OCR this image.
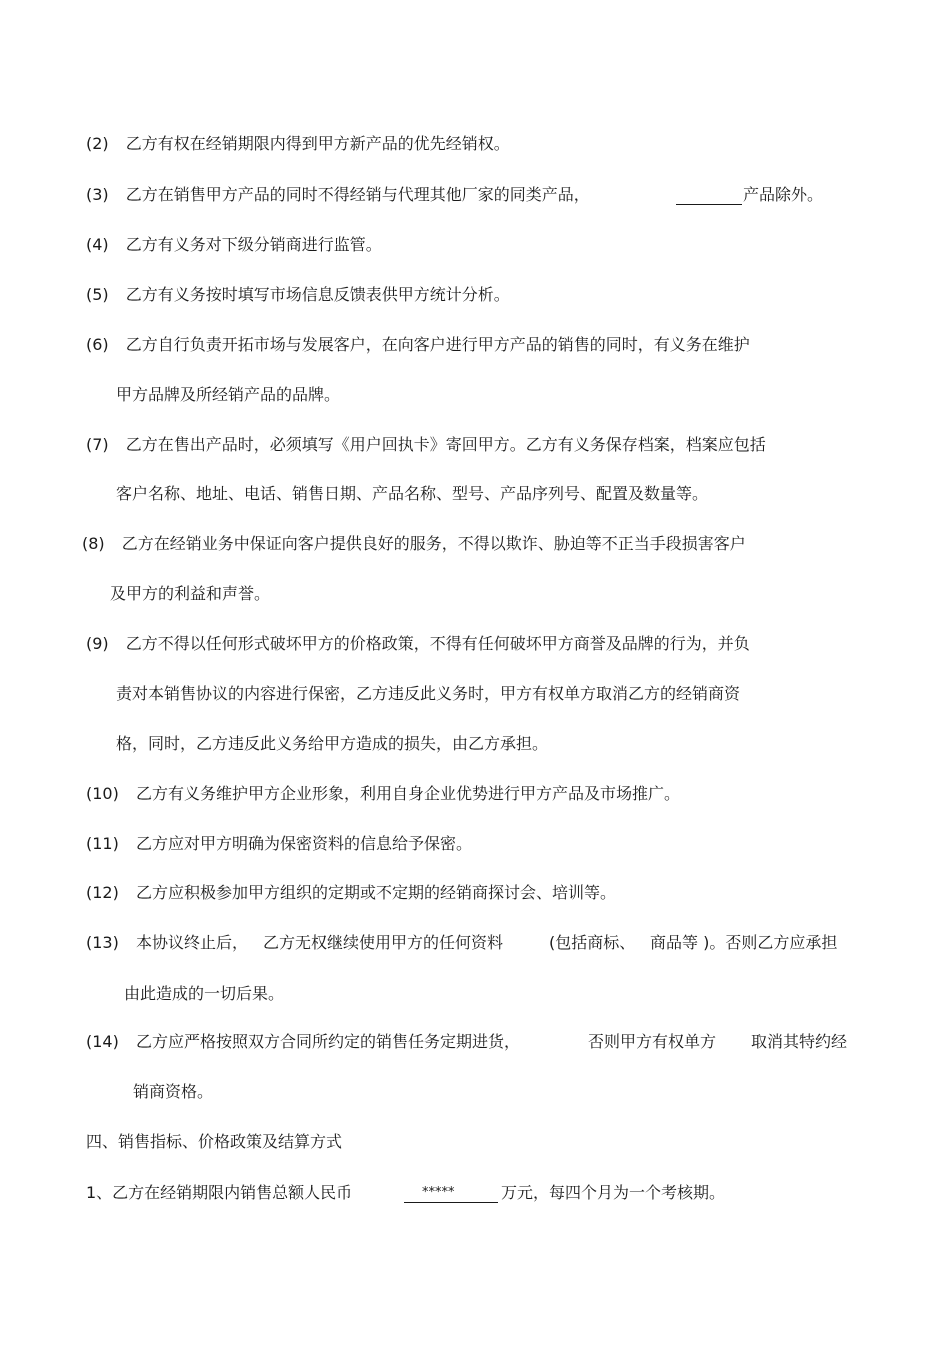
(2) 乙方有权在经销期限内得到甲方新产品的优先经销权。
(3) 乙方在销售甲方产品的同时不得经销与代理其他厂家的同类产品，	产品除外。
(4) 乙方有义务对下级分销商进行监管。
(5) 乙方有义务按时填写市场信息反馈表供甲方统计分析。
(6) 乙方自行负责开拓市场与发展客户，在向客户进行甲方产品的销售的同时，有义务在维护
甲方品牌及所经销产品的品牌。
(7) 乙方在售出产品时，必须填写《用户回执卡》寄回甲方。乙方有义务保存档案，档案应包括
客户名称、地址、电话、销售日期、产品名称、型号、产品序列号、配置及数量等。
(8) 乙方在经销业务中保证向客户提供良好的服务，不得以欺诈、胁迫等不正当手段损害客户
及甲方的利益和声誉。
(9) 乙方不得以任何形式破坏甲方的价格政策，不得有任何破坏甲方商誉及品牌的行为，并负
责对本销售协议的内容进行保密，乙方违反此义务时，甲方有权单方取消乙方的经销商资
格，同时，乙方违反此义务给甲方造成的损失，由乙方承担。
(10) 乙方有义务维护甲方企业形象，利用自身企业优势进行甲方产品及市场推广。
(11) 乙方应对甲方明确为保密资料的信息给予保密。
(12) 乙方应积极参加甲方组织的定期或不定期的经销商探讨会、培训等。
(13) 本协议终止后， 乙方无权继续使用甲方的任何资料	(包括商标、 商品等 )。否则乙方应承担
由此造成的一切后果。
(14) 乙方应严格按照双方合同所约定的销售任务定期进货，	否则甲方有权单方 取消其特约经
销商资格。
四、销售指标、价格政策及结算方式
1、乙方在经销期限内销售总额人民币	*****	万元，每四个月为一个考核期。
